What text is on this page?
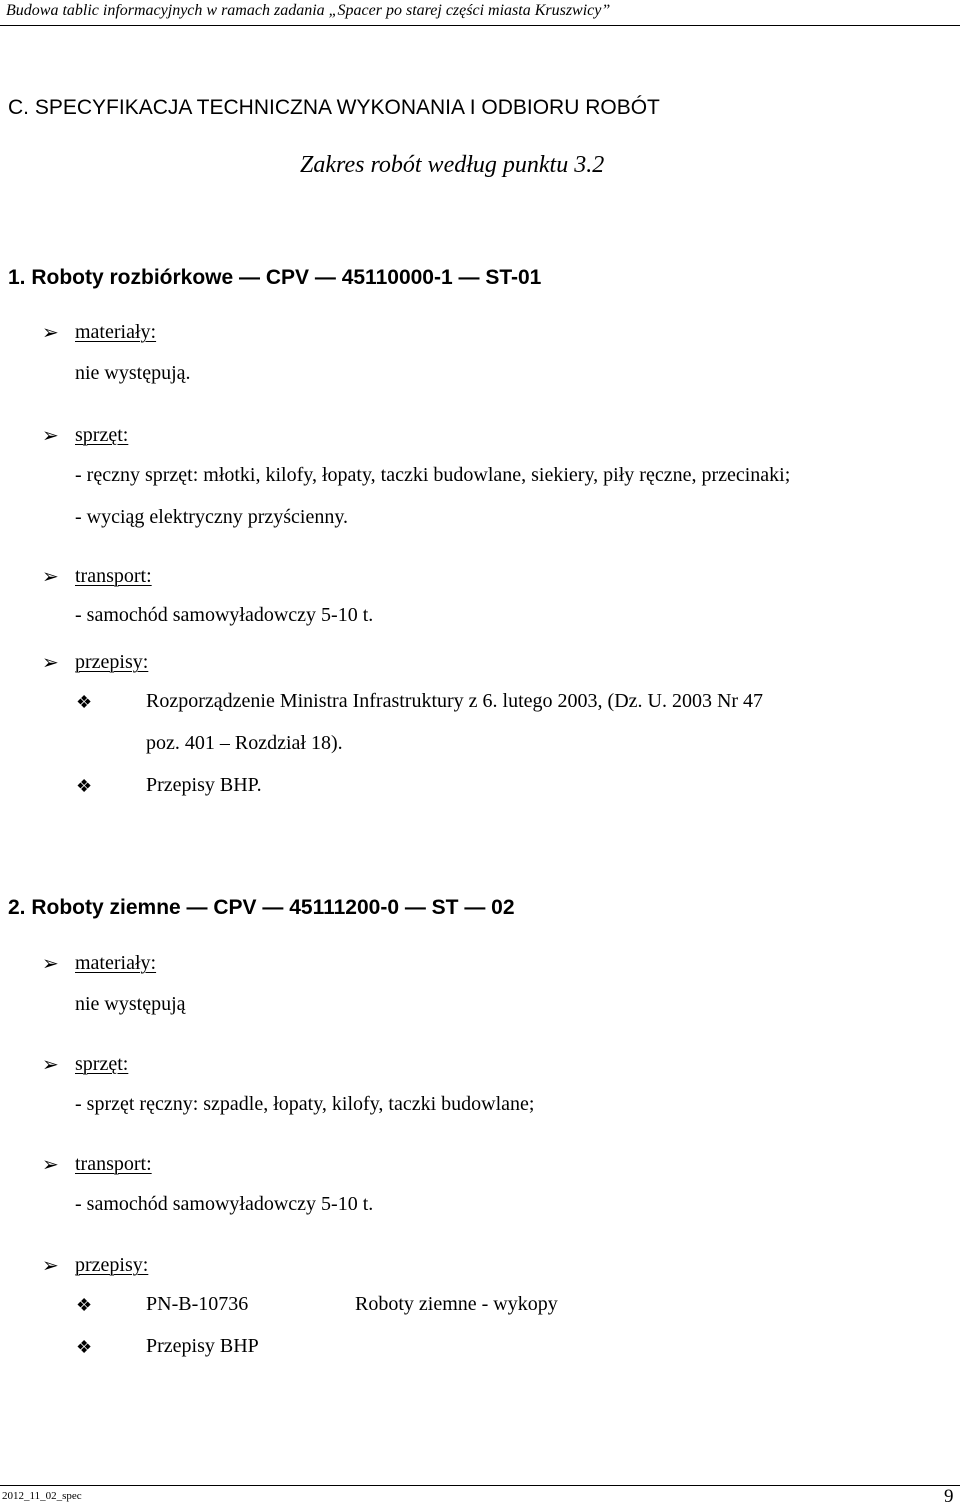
Budowa tablic informacyjnych w ramach zadania „Spacer po starej części miasta Kruszwicy”
C. SPECYFIKACJA TECHNICZNA WYKONANIA I ODBIORU ROBÓT
Zakres robót według punktu 3.2
1. Roboty rozbiórkowe — CPV — 45110000-1 — ST-01
➢ materiały:
nie występują.
➢ sprzęt:
- ręczny sprzęt: młotki, kilofy, łopaty, taczki budowlane, siekiery, piły ręczne, przecinaki;
- wyciąg elektryczny przyścienny.
➢ transport:
- samochód samowyładowczy 5-10 t.
➢ przepisy:
❖	Rozporządzenie Ministra Infrastruktury z 6. lutego 2003, (Dz. U. 2003 Nr 47
poz. 401 – Rozdział 18).
❖	Przepisy BHP.
2. Roboty ziemne — CPV — 45111200-0 — ST — 02
➢ materiały:
nie występują
➢ sprzęt:
- sprzęt ręczny: szpadle, łopaty, kilofy, taczki budowlane;
➢ transport:
- samochód samowyładowczy 5-10 t.
➢ przepisy:
❖	PN-B-10736	Roboty ziemne - wykopy
❖	Przepisy BHP
2012_11_02_spec	9
